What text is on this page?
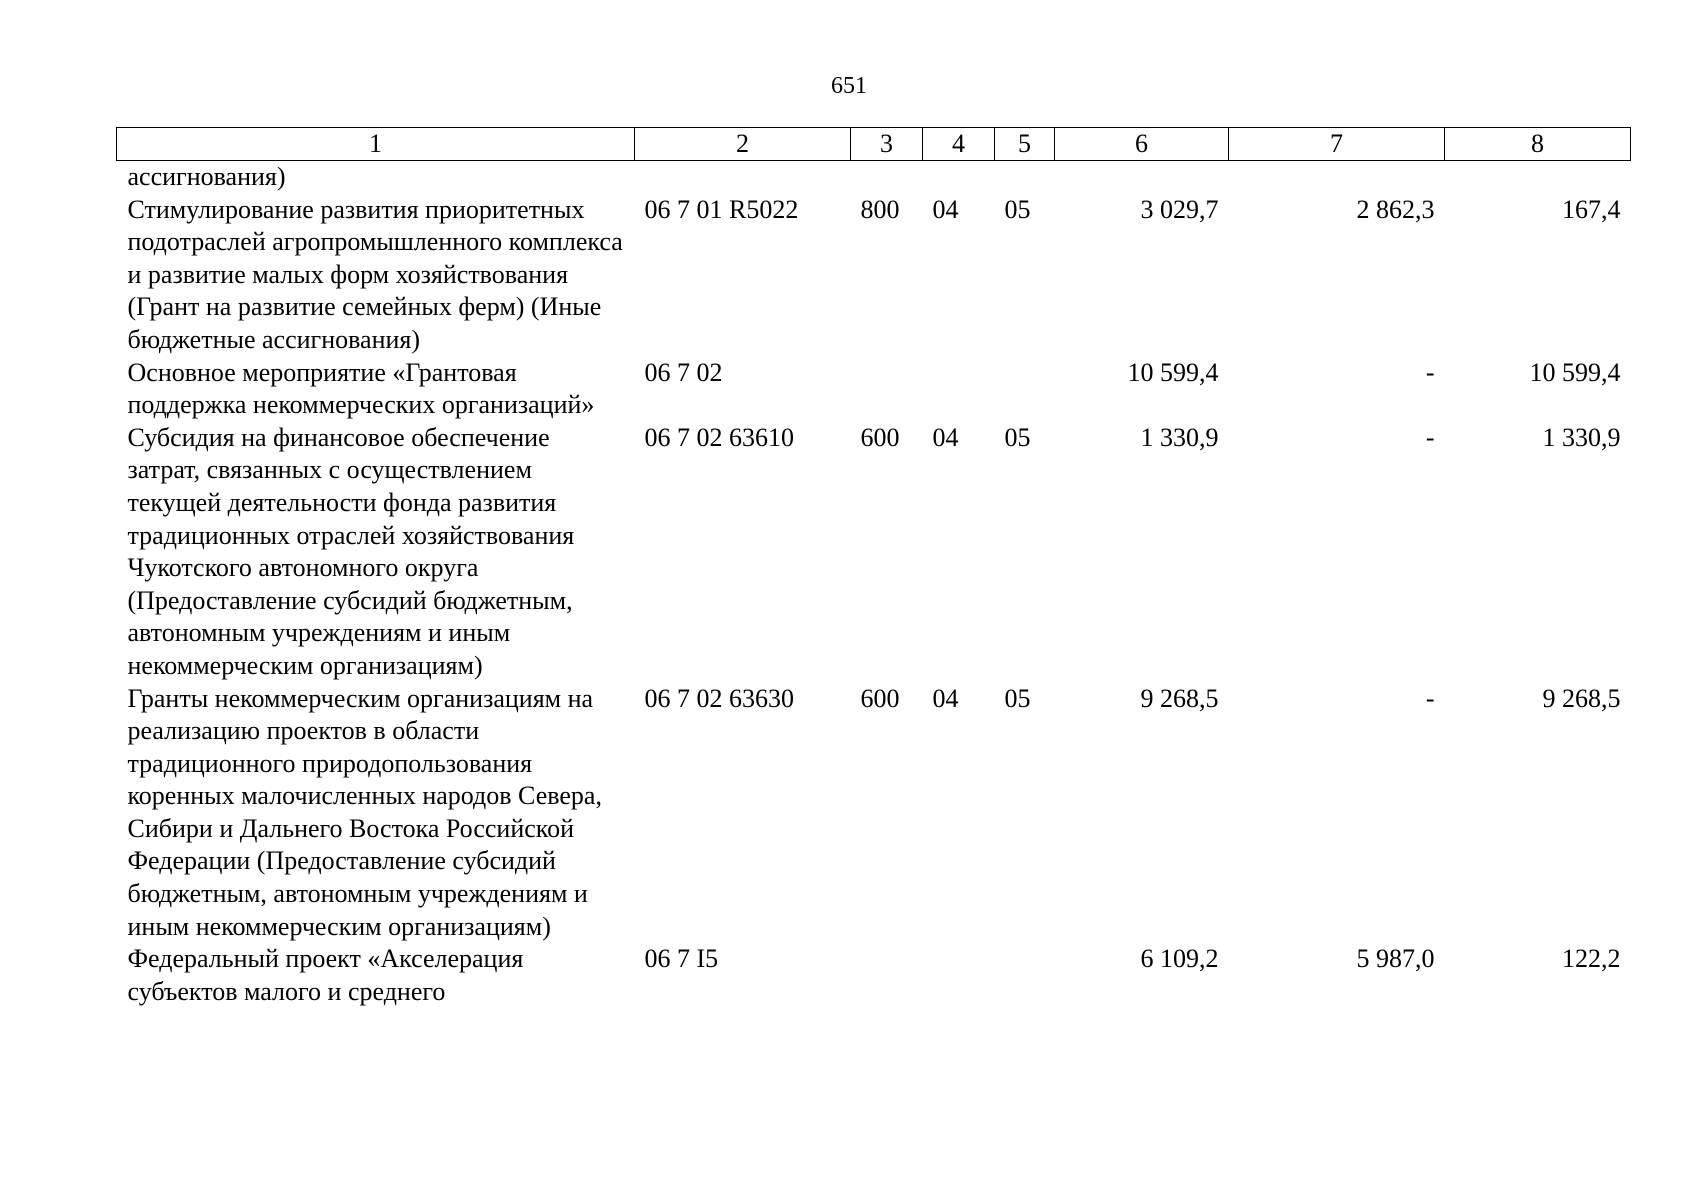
651
1	2	3	4	5	6	7	8
ассигнования)							
Стимулирование развития приоритетных подотраслей агропромышленного комплекса и развитие малых форм хозяйствования (Грант на развитие семейных ферм) (Иные бюджетные ассигнования)	06 7 01 R5022	800	04	05	3 029,7	2 862,3	167,4
Основное мероприятие «Грантовая поддержка некоммерческих организаций»	06 7 02				10 599,4	-	10 599,4
Субсидия на финансовое обеспечение затрат, связанных с осуществлением текущей деятельности фонда развития традиционных отраслей хозяйствования Чукотского автономного округа (Предоставление субсидий бюджетным, автономным учреждениям и иным некоммерческим организациям)	06 7 02 63610	600	04	05	1 330,9	-	1 330,9
Гранты некоммерческим организациям на реализацию проектов в области традиционного природопользования коренных малочисленных народов Севера, Сибири и Дальнего Востока Российской Федерации (Предоставление субсидий бюджетным, автономным учреждениям и иным некоммерческим организациям)	06 7 02 63630	600	04	05	9 268,5	-	9 268,5
Федеральный проект «Акселерация субъектов малого и среднего	06 7 I5				6 109,2	5 987,0	122,2
